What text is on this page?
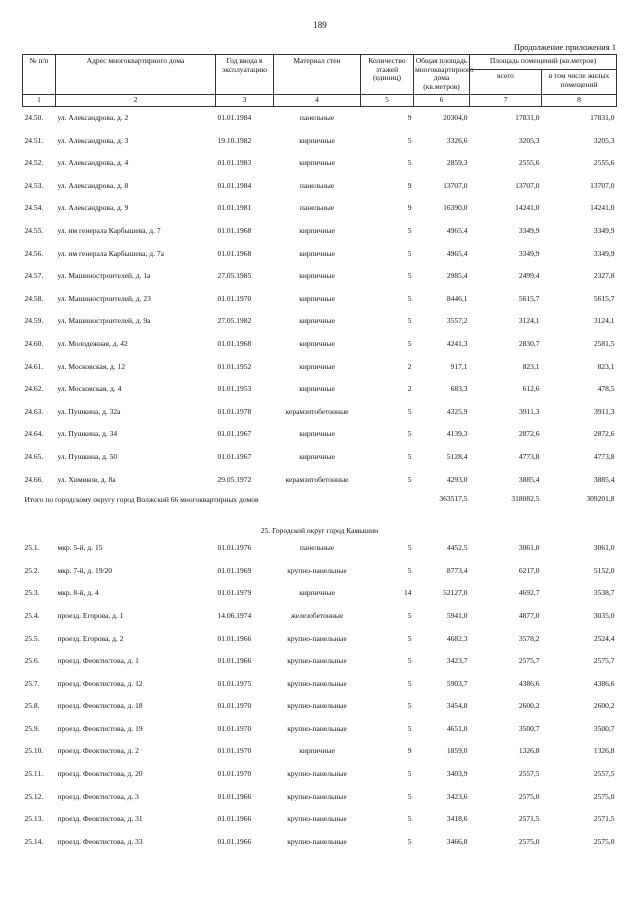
189
Продолжение приложения 1
№ п/п	Адрес многоквартирного дома	Год ввода в эксплуатацию	Материал стен	Количество этажей (единиц)	Общая площадь многоквартирного дома (кв.метров)	Площадь помещений (кв.метров)	
						всего	в том числе жилых помещений
1	2	3	4	5	6	7	8
24.50.	ул. Александрова, д. 2	01.01.1984	панельные	9	20304,0	17831,0	17831,0
24.51.	ул. Александрова, д. 3	19.10.1982	кирпичные	5	3326,6	3205,3	3205,3
24.52.	ул. Александрова, д. 4	01.01.1983	кирпичные	5	2859,3	2555,6	2555,6
24.53.	ул. Александрова, д. 8	01.01.1984	панельные	9	13707,0	13707,0	13707,0
24.54.	ул. Александрова, д. 9	01.01.1981	панельные	9	16390,0	14241,0	14241,0
24.55.	ул. им генерала Карбышева, д. 7	01.01.1968	кирпичные	5	4965,4	3349,9	3349,9
24.56.	ул. им генерала Карбышева, д. 7а	01.01.1968	кирпичные	5	4965,4	3349,9	3349,9
24.57.	ул. Машиностроителей, д. 1а	27.05.1985	кирпичные	5	2985,4	2499,4	2327,8
24.58.	ул. Машиностроителей, д. 23	01.01.1970	кирпичные	5	8446,1	5615,7	5615,7
24.59.	ул. Машиностроителей, д. 9а	27.05.1982	кирпичные	5	3557,2	3124,1	3124,1
24.60.	ул. Молодежная, д. 42	01.01.1968	кирпичные	5	4241,3	2830,7	2581,5
24.61.	ул. Московская, д. 12	01.01.1952	кирпичные	2	917,1	823,1	823,1
24.62.	ул. Московская, д. 4	01.01.1953	кирпичные	2	683,3	612,6	478,5
24.63.	ул. Пушкина, д. 32а	01.01.1978	керамзитобетонные	5	4325,9	3911,3	3911,3
24.64.	ул. Пушкина, д. 34	01.01.1967	кирпичные	5	4139,3	2872,6	2872,6
24.65.	ул. Пушкина, д. 50	01.01.1967	кирпичные	5	5128,4	4773,8	4773,8
24.66.	ул. Химиков, д. 8а	29.05.1972	керамзитобетонные	5	4293,0	3885,4	3885,4
Итого по городскому округу город Волжский 66 многоквартирных домов					363517,5	318082,5	309201,8
25. Городской округ город Камышин							
25.1.	мкр. 5-й, д. 15	01.01.1976	панельные	5	4452,5	3061,0	3061,0
25.2.	мкр. 7-й, д. 19/20	01.01.1969	крупно-панельные	5	8773,4	6217,0	5152,0
25.3.	мкр. 8-й, д. 4	01.01.1979	кирпичные	14	52127,0	4692,7	3538,7
25.4.	проезд. Егорова, д. 1	14.06.1974	железобетонные	5	5941,0	4877,0	3035,0
25.5.	проезд. Егорова, д. 2	01.01.1966	крупно-панельные	5	4682,3	3578,2	2524,4
25.6.	проезд. Феоктистова, д. 1	01.01.1966	крупно-панельные	5	3423,7	2575,7	2575,7
25.7.	проезд. Феоктистова, д. 12	01.01.1975	крупно-панельные	5	5903,7	4386,6	4386,6
25.8.	проезд. Феоктистова, д. 18	01.01.1970	крупно-панельные	5	3454,8	2600,2	2600,2
25.9.	проезд. Феоктистова, д. 19	01.01.1970	крупно-панельные	5	4651,0	3500,7	3500,7
25.10.	проезд. Феоктистова, д. 2	01.01.1970	кирпичные	9	1859,0	1326,8	1326,8
25.11.	проезд. Феоктистова, д. 20	01.01.1970	крупно-панельные	5	3403,9	2557,5	2557,5
25.12.	проезд. Феоктистова, д. 3	01.01.1966	крупно-панельные	5	3423,6	2575,0	2575,0
25.13.	проезд. Феоктистова, д. 31	01.01.1966	крупно-панельные	5	3418,6	2571,5	2571,5
25.14.	проезд. Феоктистова, д. 33	01.01.1966	крупно-панельные	5	3466,8	2575,0	2575,0
